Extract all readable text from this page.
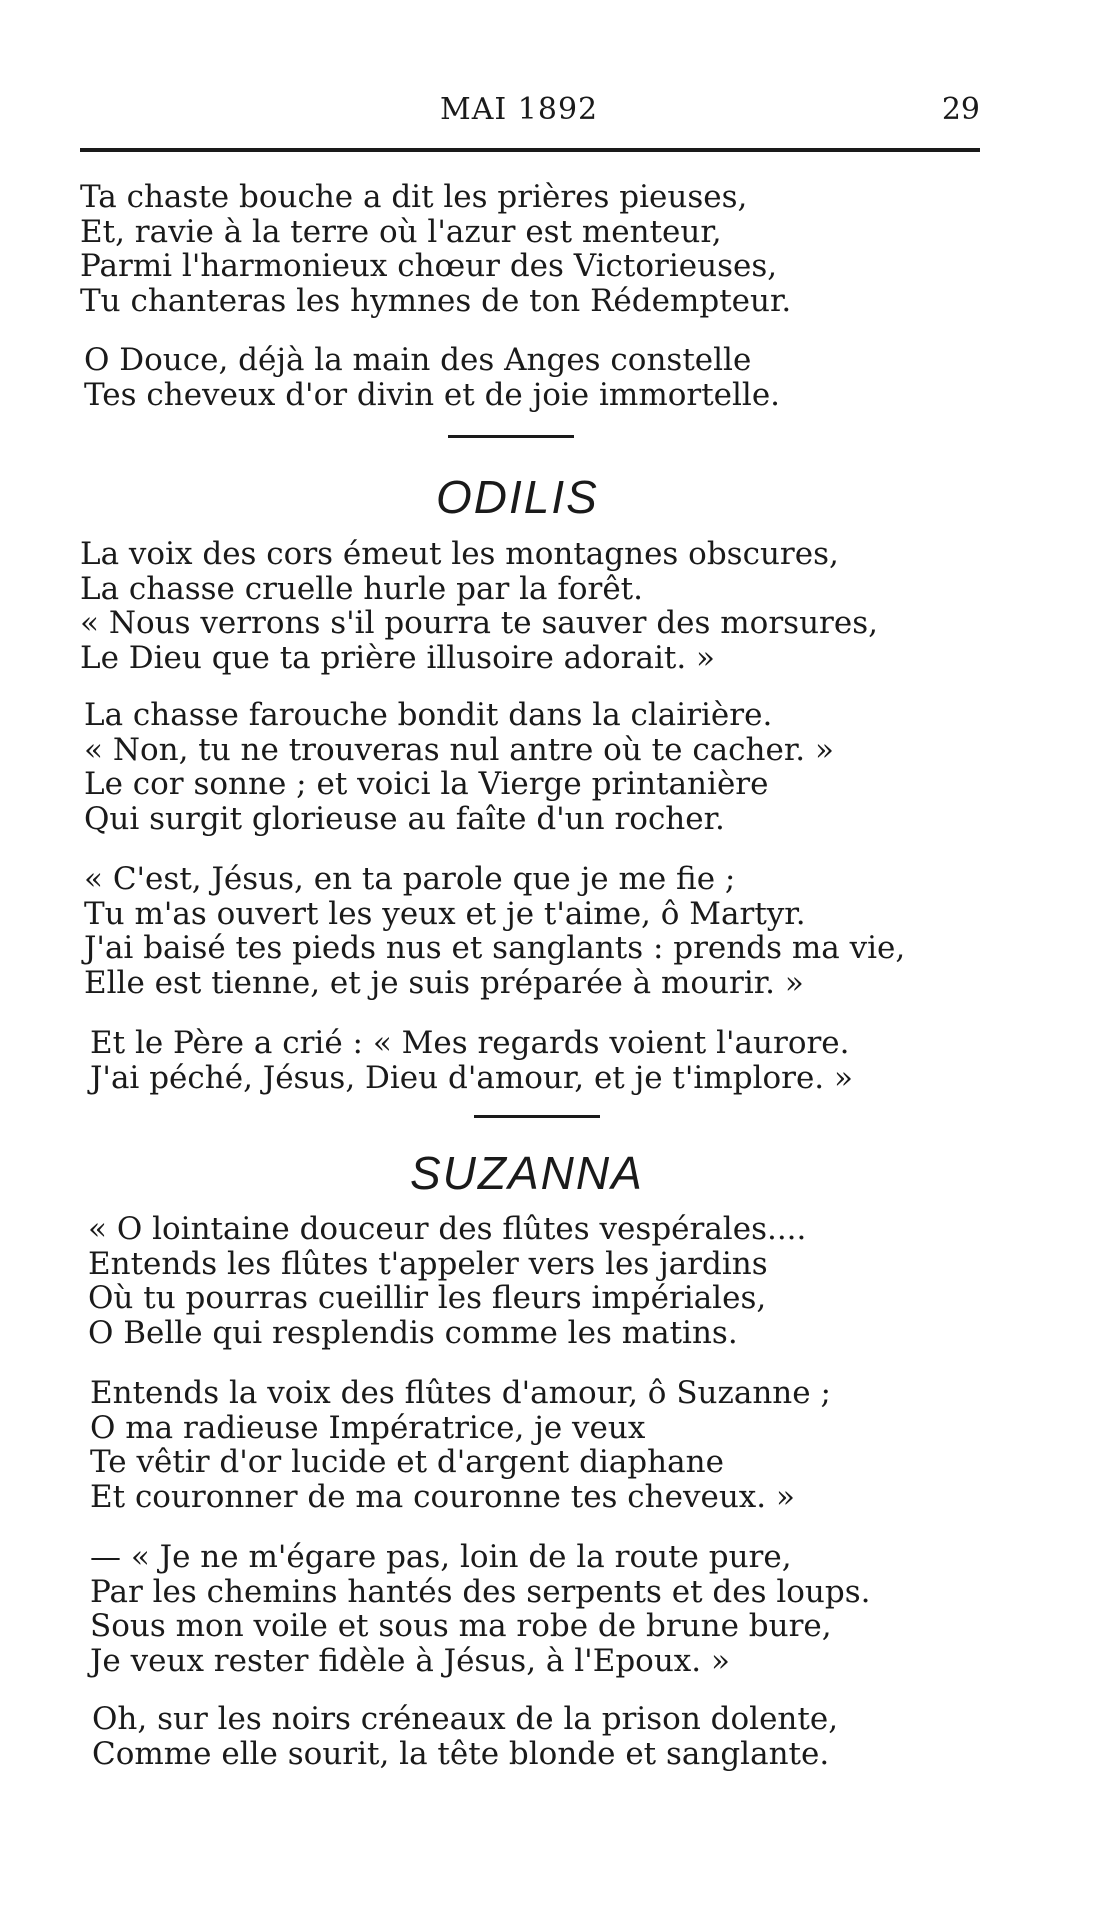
MAI 1892	29
Ta chaste bouche a dit les prières pieuses,
Et, ravie à la terre où l'azur est menteur,
Parmi l'harmonieux chœur des Victorieuses,
Tu chanteras les hymnes de ton Rédempteur.
O Douce, déjà la main des Anges constelle
Tes cheveux d'or divin et de joie immortelle.
ODILIS
La voix des cors émeut les montagnes obscures,
La chasse cruelle hurle par la forêt.
« Nous verrons s'il pourra te sauver des morsures,
Le Dieu que ta prière illusoire adorait. »
La chasse farouche bondit dans la clairière.
« Non, tu ne trouveras nul antre où te cacher. »
Le cor sonne ; et voici la Vierge printanière
Qui surgit glorieuse au faîte d'un rocher.
« C'est, Jésus, en ta parole que je me fie ;
Tu m'as ouvert les yeux et je t'aime, ô Martyr.
J'ai baisé tes pieds nus et sanglants : prends ma vie,
Elle est tienne, et je suis préparée à mourir. »
Et le Père a crié : « Mes regards voient l'aurore.
J'ai péché, Jésus, Dieu d'amour, et je t'implore. »
SUZANNA
« O lointaine douceur des flûtes vespérales....
Entends les flûtes t'appeler vers les jardins
Où tu pourras cueillir les fleurs impériales,
O Belle qui resplendis comme les matins.
Entends la voix des flûtes d'amour, ô Suzanne ;
O ma radieuse Impératrice, je veux
Te vêtir d'or lucide et d'argent diaphane
Et couronner de ma couronne tes cheveux. »
— « Je ne m'égare pas, loin de la route pure,
Par les chemins hantés des serpents et des loups.
Sous mon voile et sous ma robe de brune bure,
Je veux rester fidèle à Jésus, à l'Epoux. »
Oh, sur les noirs créneaux de la prison dolente,
Comme elle sourit, la tête blonde et sanglante.
